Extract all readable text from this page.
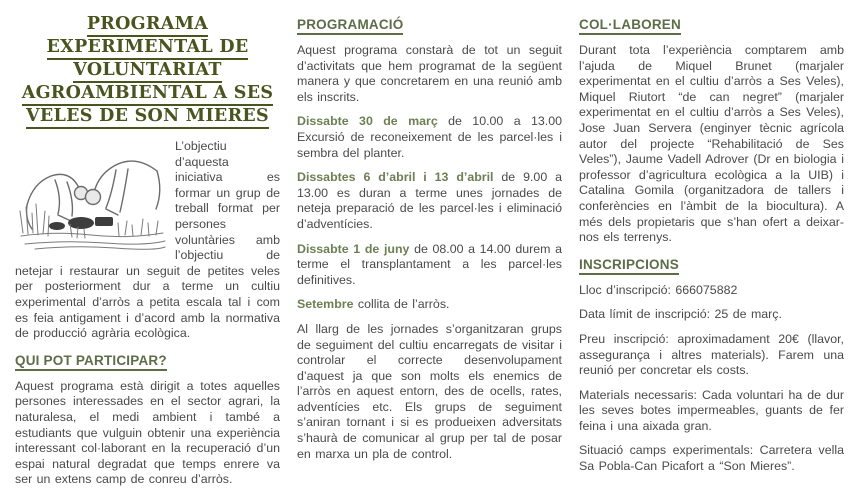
PROGRAMA
EXPERIMENTAL DE
VOLUNTARIAT
AGROAMBIENTAL A SES
VELES DE SON MIERES

L’objectiu d’aquesta iniciativa es formar un grup de treball format per persones voluntàries amb l’objectiu de netejar i restaurar un seguit de petites veles per posteriorment dur a terme un cultiu experimental d’arròs a petita escala tal i com es feia antigament i d’acord amb la normativa de producció agrària ecològica.

QUI POT PARTICIPAR?

Aquest programa està dirigit a totes aquelles persones interessades en el sector agrari, la naturalesa, el medi ambient i també a estudiants que vulguin obtenir una experiència interessant col·laborant en la recuperació d’un espai natural degradat que temps enrere va ser un extens camp de conreu d’arròs.

PROGRAMACIÓ

Aquest programa constarà de tot un seguit d’activitats que hem programat de la següent manera y que concretarem en una reunió amb els inscrits.

Dissabte 30 de març de 10.00 a 13.00 Excursió de reconeixement de les parcel·les i sembra del planter.

Dissabtes 6 d’abril i 13 d’abril de 9.00 a 13.00 es duran a terme unes jornades de neteja preparació de les parcel·les i eliminació d’adventícies.

Dissabte 1 de juny de 08.00 a 14.00 durem a terme el transplantament a les parcel·les definitives.

Setembre collita de l’arròs.

Al llarg de les jornades s’organitzaran grups de seguiment del cultiu encarregats de visitar i controlar el correcte desenvolupament d’aquest ja que son molts els enemics de l’arròs en aquest entorn, des de ocells, rates, adventícies etc. Els grups de seguiment s’aniran tornant i si es produeixen adversitats s’haurà de comunicar al grup per tal de posar en marxa un pla de control.

COL·LABOREN

Durant tota l’experiència comptarem amb l’ajuda de Miquel Brunet (marjaler experimentat en el cultiu d’arròs a Ses Veles), Miquel Riutort “de can negret” (marjaler experimentat en el cultiu d’arròs a Ses Veles), Jose Juan Servera (enginyer tècnic agrícola autor del projecte “Rehabilitació de Ses Veles”), Jaume Vadell Adrover (Dr en biologia i professor d’agricultura ecològica a la UIB) i Catalina Gomila (organitzadora de tallers i conferències en l’àmbit de la biocultura). A més dels propietaris que s’han ofert a deixar-nos els terrenys.

INSCRIPCIONS

Lloc d’inscripció: 666075882

Data límit de inscripció: 25 de març.

Preu inscripció: aproximadament 20€ (llavor, assegurança i altres materials). Farem una reunió per concretar els costs.

Materials necessaris: Cada voluntari ha de dur les seves botes impermeables, guants de fer feina i una aixada gran.

Situació camps experimentals: Carretera vella Sa Pobla-Can Picafort a “Son Mieres”.
